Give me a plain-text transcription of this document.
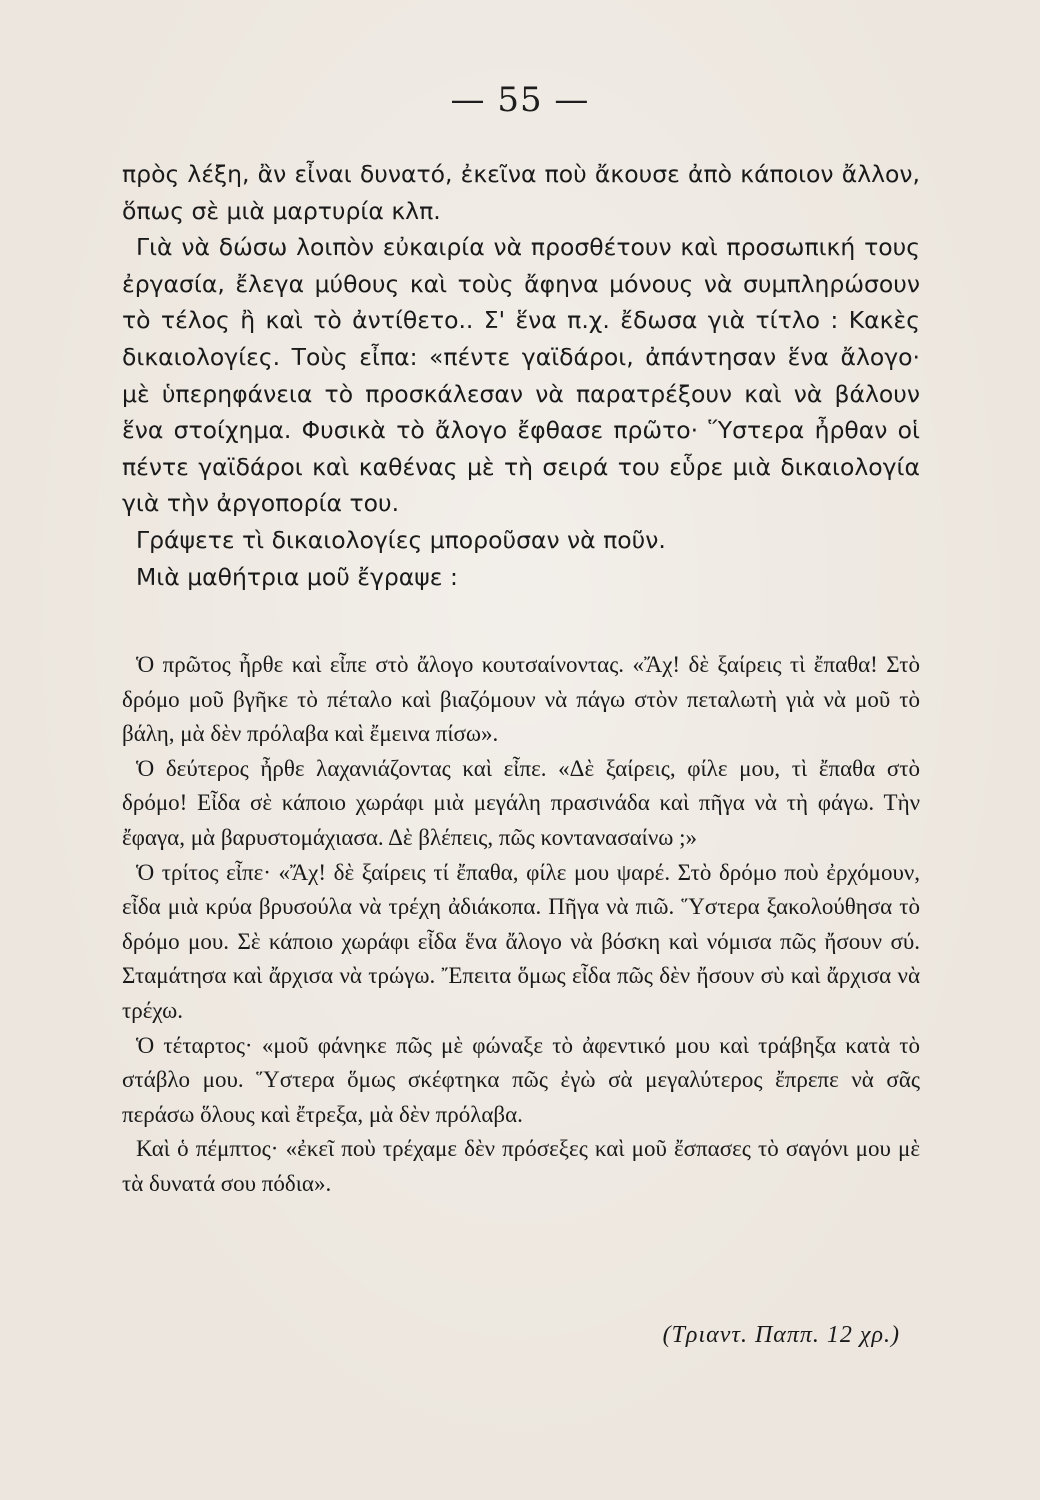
— 55 —

πρὸς λέξη, ἂν εἶναι δυνατό, ἐκεῖνα ποὺ ἄκουσε ἀπὸ κάποιον ἄλλον, ὅπως σὲ μιὰ μαρτυρία κλπ.

Γιὰ νὰ δώσω λοιπὸν εὐκαιρία νὰ προσθέτουν καὶ προσωπική τους ἐργασία, ἔλεγα μύθους καὶ τοὺς ἄφηνα μόνους νὰ συμπληρώσουν τὸ τέλος ἢ καὶ τὸ ἀντίθετο.. Σ' ἕνα π.χ. ἔδωσα γιὰ τίτλο : Κακὲς δικαιολογίες. Τοὺς εἶπα: «πέντε γαϊδάροι, ἀπάντησαν ἕνα ἄλογο· μὲ ὑπερηφάνεια τὸ προσκάλεσαν νὰ παρατρέξουν καὶ νὰ βάλουν ἕνα στοίχημα. Φυσικὰ τὸ ἄλογο ἔφθασε πρῶτο· Ὕστερα ἦρθαν οἱ πέντε γαϊδάροι καὶ καθένας μὲ τὴ σειρά του εὗρε μιὰ δικαιολογία γιὰ τὴν ἀργοπορία του.

Γράψετε τὶ δικαιολογίες μποροῦσαν νὰ ποῦν.

Μιὰ μαθήτρια μοῦ ἔγραψε :

Ὁ πρῶτος ἦρθε καὶ εἶπε στὸ ἄλογο κουτσαίνοντας. «Ἄχ! δὲ ξαίρεις τὶ ἔπαθα! Στὸ δρόμο μοῦ βγῆκε τὸ πέταλο καὶ βιαζόμουν νὰ πάγω στὸν πεταλωτὴ γιὰ νὰ μοῦ τὸ βάλη, μὰ δὲν πρόλαβα καὶ ἔμεινα πίσω».

Ὁ δεύτερος ἦρθε λαχανιάζοντας καὶ εἶπε. «Δὲ ξαίρεις, φίλε μου, τὶ ἔπαθα στὸ δρόμο! Εἶδα σὲ κάποιο χωράφι μιὰ μεγάλη πρασινάδα καὶ πῆγα νὰ τὴ φάγω. Τὴν ἔφαγα, μὰ βαρυστομάχιασα. Δὲ βλέπεις, πῶς κοντανασαίνω ;»

Ὁ τρίτος εἶπε· «Ἄχ! δὲ ξαίρεις τί ἔπαθα, φίλε μου ψαρέ. Στὸ δρόμο ποὺ ἐρχόμουν, εἶδα μιὰ κρύα βρυσούλα νὰ τρέχη ἀδιάκοπα. Πῆγα νὰ πιῶ. Ὕστερα ξακολούθησα τὸ δρόμο μου. Σὲ κάποιο χωράφι εἶδα ἕνα ἄλογο νὰ βόσκη καὶ νόμισα πῶς ἤσουν σύ. Σταμάτησα καὶ ἄρχισα νὰ τρώγω. Ἔπειτα ὅμως εἶδα πῶς δὲν ἤσουν σὺ καὶ ἄρχισα νὰ τρέχω.

Ὁ τέταρτος· «μοῦ φάνηκε πῶς μὲ φώναξε τὸ ἀφεντικό μου καὶ τράβηξα κατὰ τὸ στάβλο μου. Ὕστερα ὅμως σκέφτηκα πῶς ἐγὼ σὰ μεγαλύτερος ἔπρεπε νὰ σᾶς περάσω ὅλους καὶ ἔτρεξα, μὰ δὲν πρόλαβα.

Καὶ ὁ πέμπτος· «ἐκεῖ ποὺ τρέχαμε δὲν πρόσεξες καὶ μοῦ ἔσπασες τὸ σαγόνι μου μὲ τὰ δυνατά σου πόδια».

(Τριαντ. Παππ. 12 χρ.)
